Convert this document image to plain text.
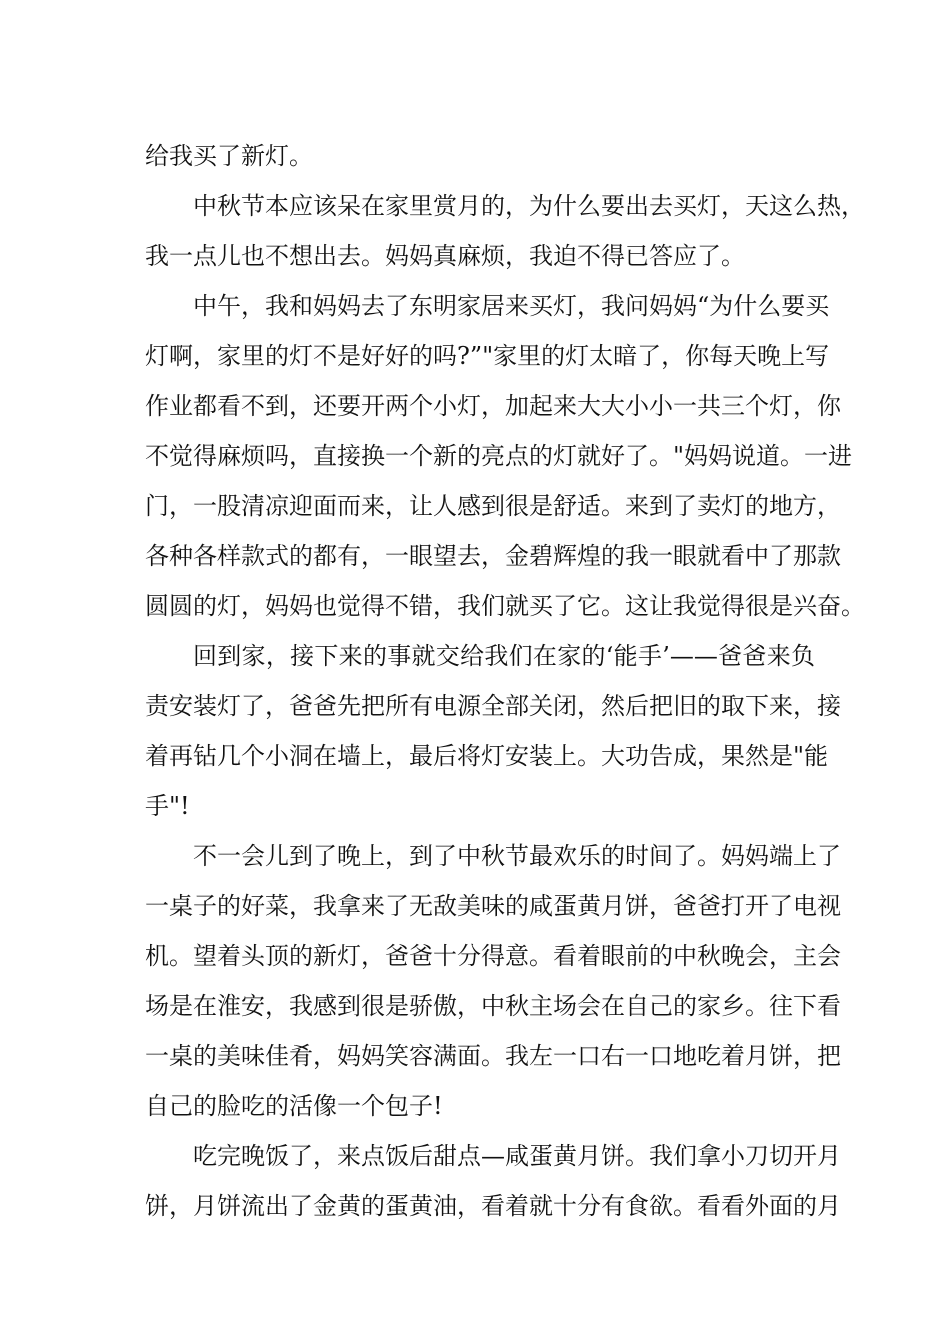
给我买了新灯。
中秋节本应该呆在家里赏月的，为什么要出去买灯，天这么热，
我一点儿也不想出去。妈妈真麻烦，我迫不得已答应了。
中午，我和妈妈去了东明家居来买灯，我问妈妈“为什么要买
灯啊，家里的灯不是好好的吗?”"家里的灯太暗了，你每天晚上写
作业都看不到，还要开两个小灯，加起来大大小小一共三个灯，你
不觉得麻烦吗，直接换一个新的亮点的灯就好了。"妈妈说道。一进
门，一股清凉迎面而来，让人感到很是舒适。来到了卖灯的地方，
各种各样款式的都有，一眼望去，金碧辉煌的我一眼就看中了那款
圆圆的灯，妈妈也觉得不错，我们就买了它。这让我觉得很是兴奋。
回到家，接下来的事就交给我们在家的‘能手’——爸爸来负
责安装灯了，爸爸先把所有电源全部关闭，然后把旧的取下来，接
着再钻几个小洞在墙上，最后将灯安装上。大功告成，果然是"能
手"!
不一会儿到了晚上，到了中秋节最欢乐的时间了。妈妈端上了
一桌子的好菜，我拿来了无敌美味的咸蛋黄月饼，爸爸打开了电视
机。望着头顶的新灯，爸爸十分得意。看着眼前的中秋晚会，主会
场是在淮安，我感到很是骄傲，中秋主场会在自己的家乡。往下看
一桌的美味佳肴，妈妈笑容满面。我左一口右一口地吃着月饼，把
自己的脸吃的活像一个包子!
吃完晚饭了，来点饭后甜点—咸蛋黄月饼。我们拿小刀切开月
饼，月饼流出了金黄的蛋黄油，看着就十分有食欲。看看外面的月
